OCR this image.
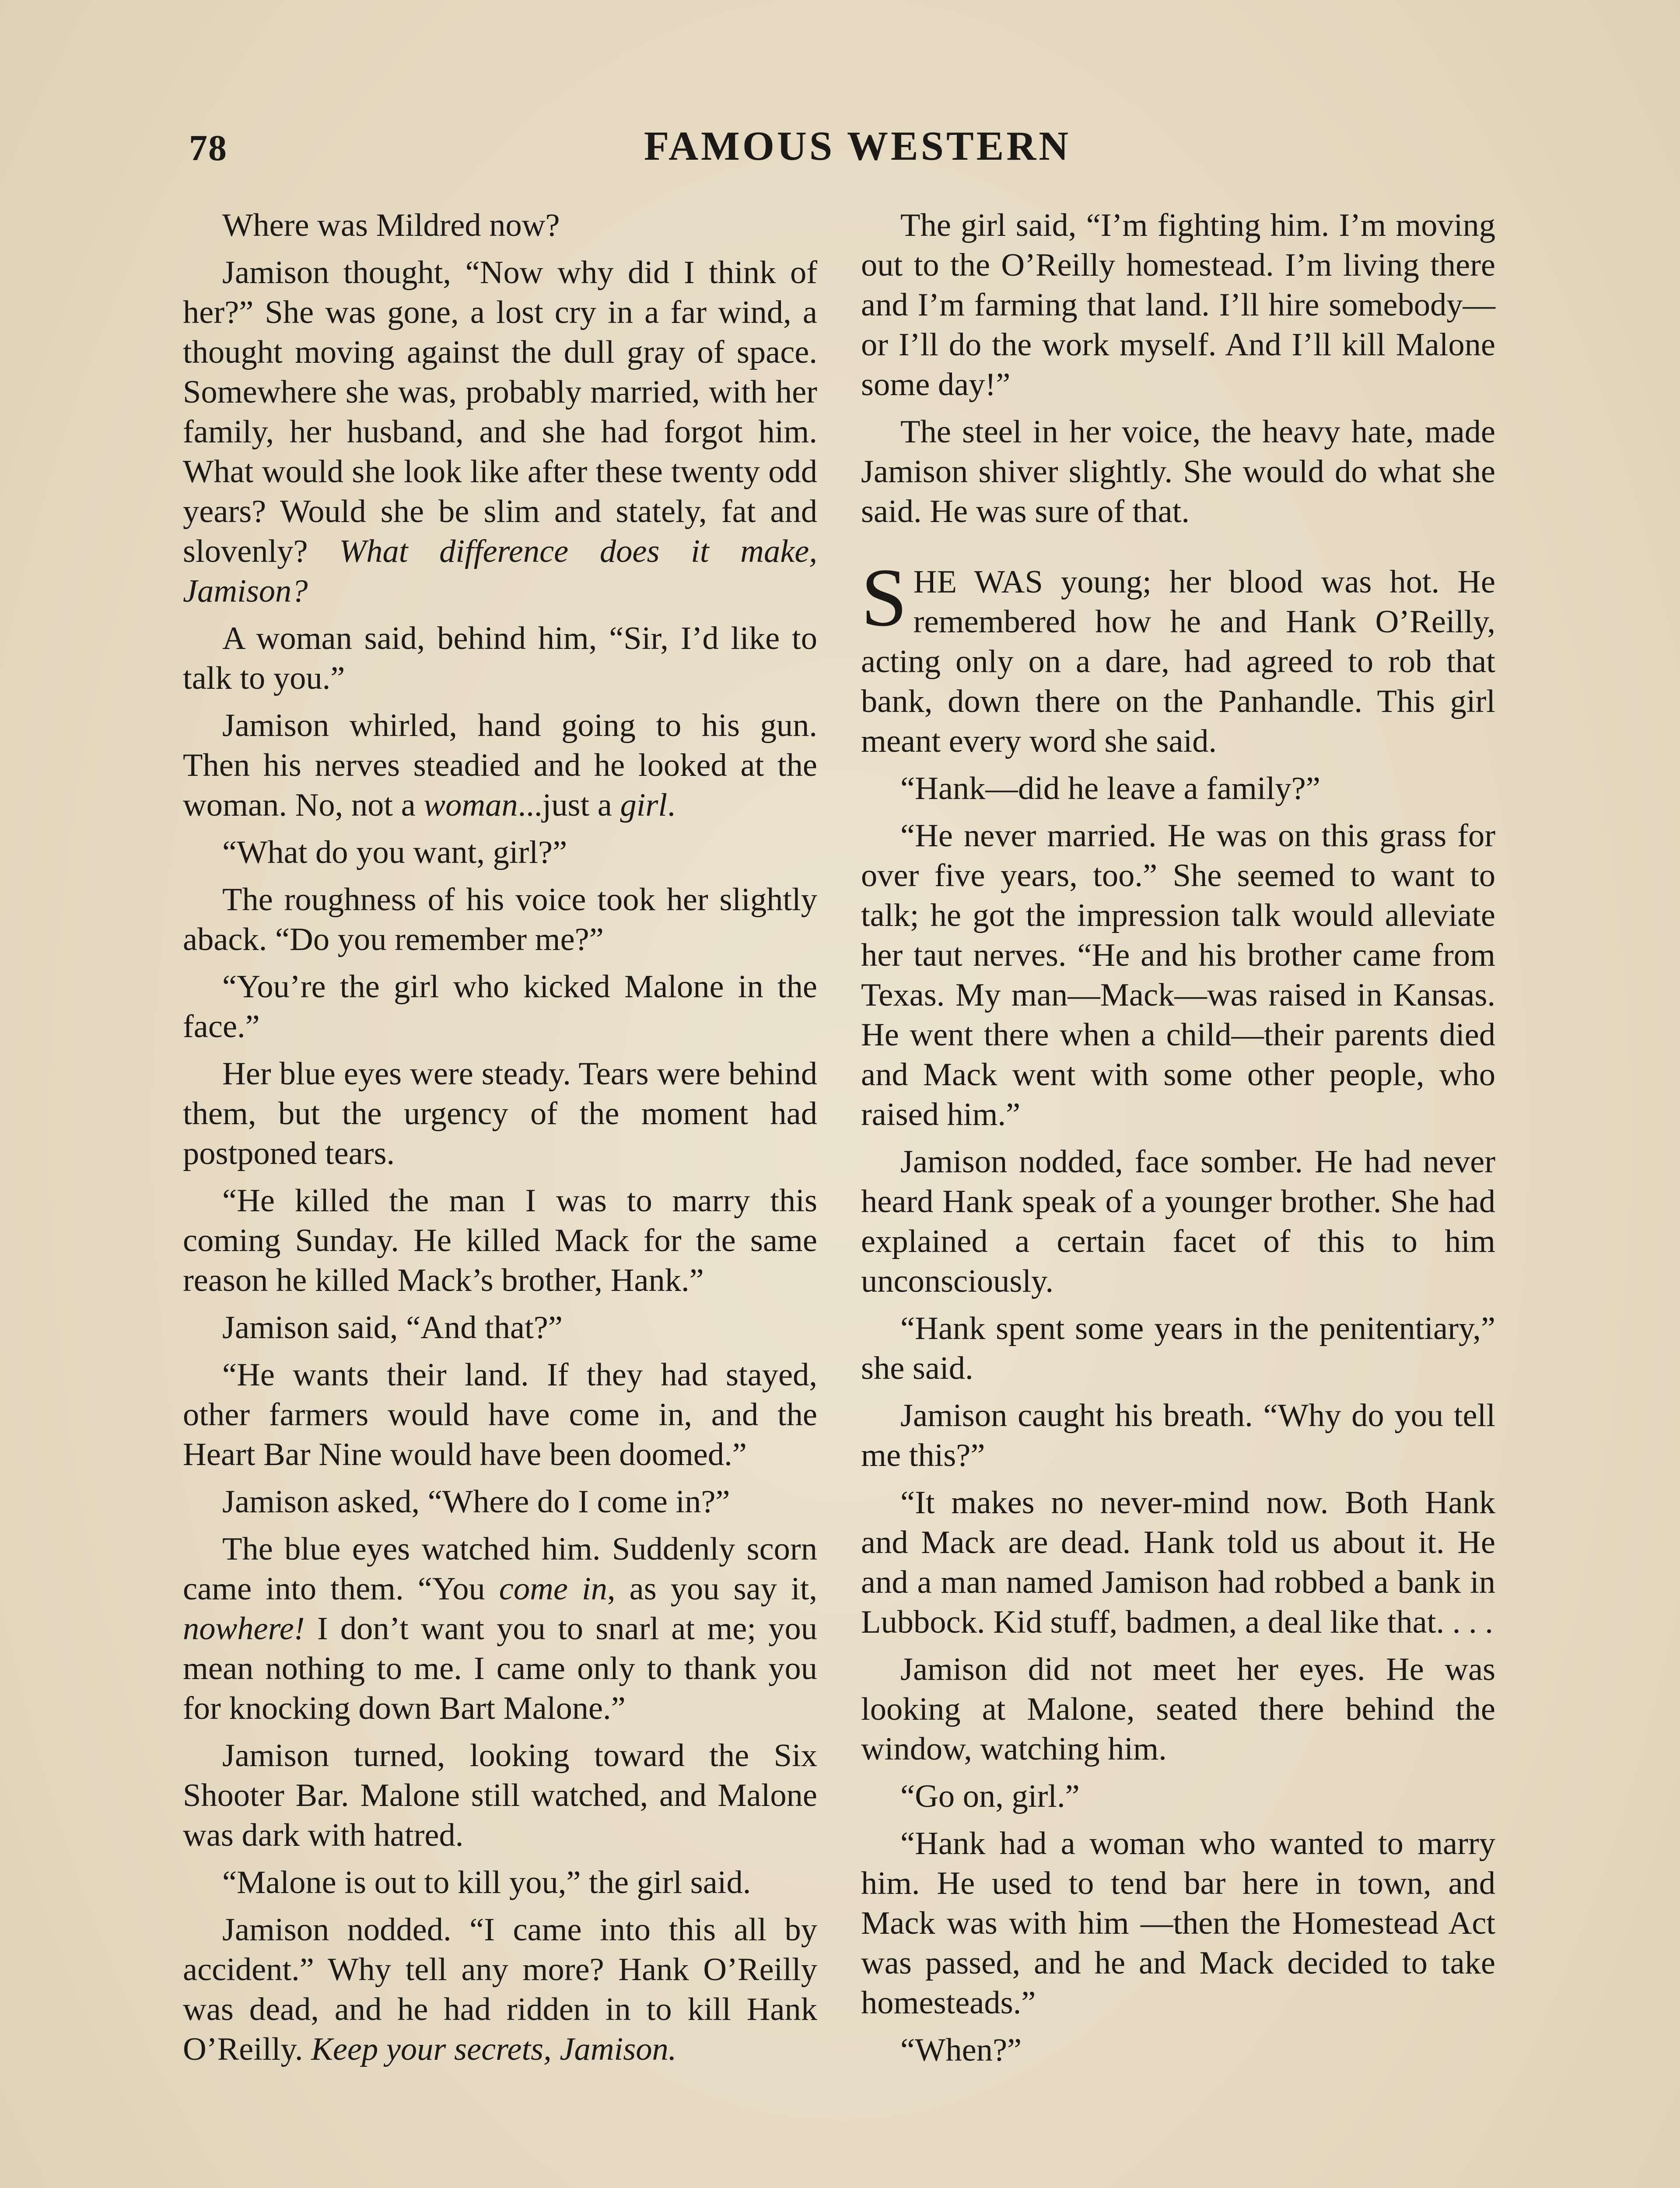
78	FAMOUS WESTERN

Where was Mildred now?

Jamison thought, “Now why did I think of her?” She was gone, a lost cry in a far wind, a thought moving against the dull gray of space. Somewhere she was, probably married, with her family, her husband, and she had forgot him. What would she look like after these twenty odd years? Would she be slim and stately, fat and slovenly? What difference does it make, Jamison?

A woman said, behind him, “Sir, I’d like to talk to you.”

Jamison whirled, hand going to his gun. Then his nerves steadied and he looked at the woman. No, not a woman...just a girl.

“What do you want, girl?”

The roughness of his voice took her slightly aback. “Do you remember me?”

“You’re the girl who kicked Malone in the face.”

Her blue eyes were steady. Tears were behind them, but the urgency of the moment had postponed tears.

“He killed the man I was to marry this coming Sunday. He killed Mack for the same reason he killed Mack’s brother, Hank.”

Jamison said, “And that?”

“He wants their land. If they had stayed, other farmers would have come in, and the Heart Bar Nine would have been doomed.”

Jamison asked, “Where do I come in?”

The blue eyes watched him. Suddenly scorn came into them. “You come in, as you say it, nowhere! I don’t want you to snarl at me; you mean nothing to me. I came only to thank you for knocking down Bart Malone.”

Jamison turned, looking toward the Six Shooter Bar. Malone still watched, and Malone was dark with hatred.

“Malone is out to kill you,” the girl said.

Jamison nodded. “I came into this all by accident.” Why tell any more? Hank O’Reilly was dead, and he had ridden in to kill Hank O’Reilly. Keep your secrets, Jamison.

The girl said, “I’m fighting him. I’m moving out to the O’Reilly homestead. I’m living there and I’m farming that land. I’ll hire somebody—or I’ll do the work myself. And I’ll kill Malone some day!”

The steel in her voice, the heavy hate, made Jamison shiver slightly. She would do what she said. He was sure of that.

SHE WAS young; her blood was hot. He remembered how he and Hank O’Reilly, acting only on a dare, had agreed to rob that bank, down there on the Panhandle. This girl meant every word she said.

“Hank—did he leave a family?”

“He never married. He was on this grass for over five years, too.” She seemed to want to talk; he got the impression talk would alleviate her taut nerves. “He and his brother came from Texas. My man—Mack—was raised in Kansas. He went there when a child—their parents died and Mack went with some other people, who raised him.”

Jamison nodded, face somber. He had never heard Hank speak of a younger brother. She had explained a certain facet of this to him unconsciously.

“Hank spent some years in the penitentiary,” she said.

Jamison caught his breath. “Why do you tell me this?”

“It makes no never-mind now. Both Hank and Mack are dead. Hank told us about it. He and a man named Jamison had robbed a bank in Lubbock. Kid stuff, badmen, a deal like that. . . .

Jamison did not meet her eyes. He was looking at Malone, seated there behind the window, watching him.

“Go on, girl.”

“Hank had a woman who wanted to marry him. He used to tend bar here in town, and Mack was with him —then the Homestead Act was passed, and he and Mack decided to take homesteads.”

“When?”
